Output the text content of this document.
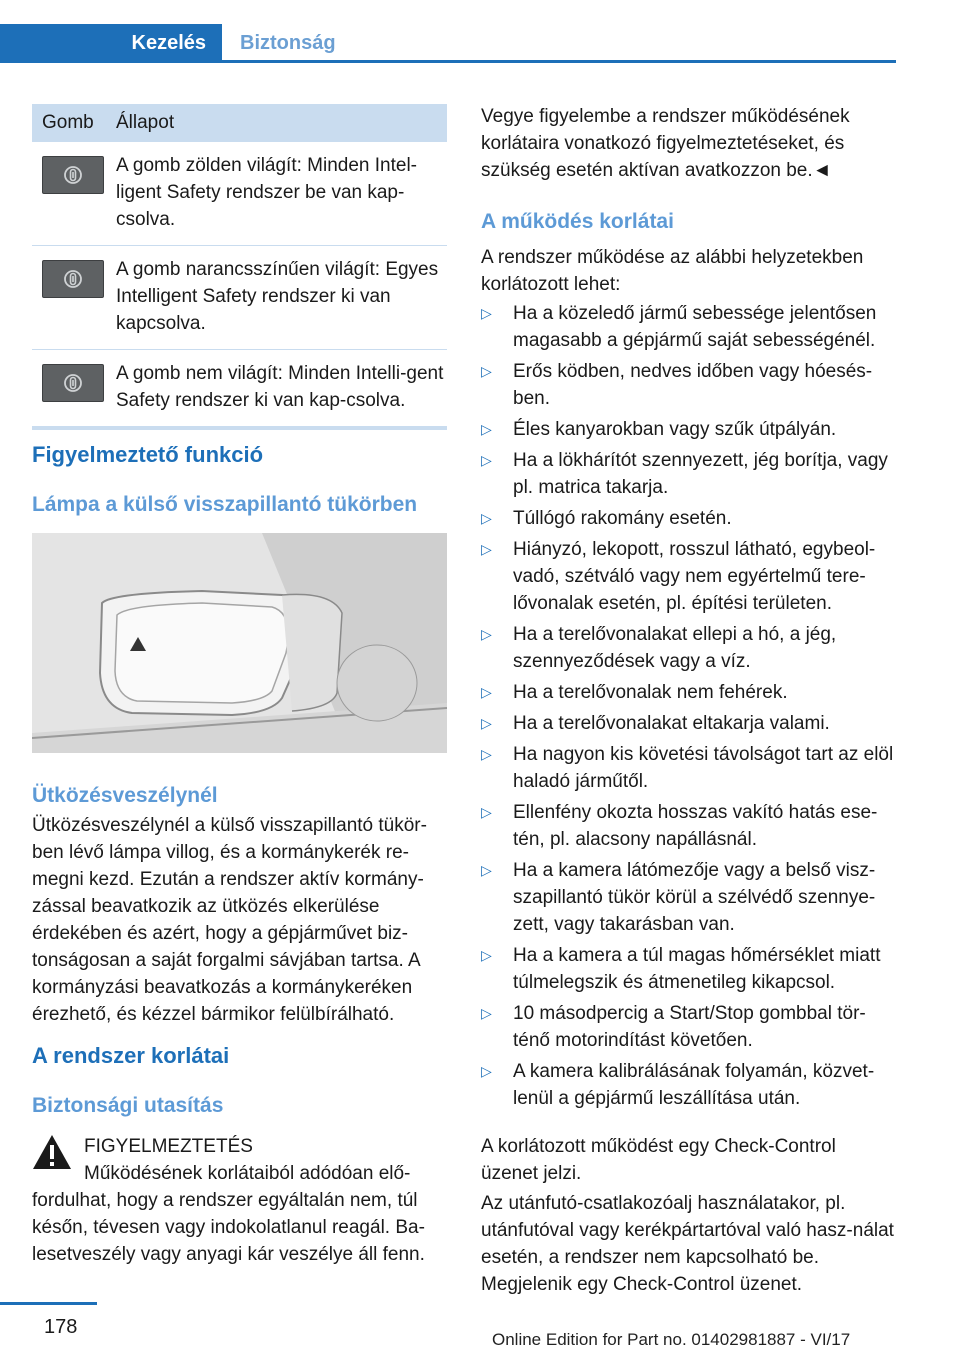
Kezelés	Biztonság
Gomb	Állapot
A gomb zölden világít: Minden Intel-ligent Safety rendszer be van kap-csolva.
A gomb narancsszínűen világít: Egyes Intelligent Safety rendszer ki van kapcsolva.
A gomb nem világít: Minden Intelli-gent Safety rendszer ki van kap-csolva.
Figyelmeztető funkció
Lámpa a külső visszapillantó tükörben
Ütközésveszélynél
Ütközésveszélynél a külső visszapillantó tükör-ben lévő lámpa villog, és a kormánykerék re-megni kezd. Ezután a rendszer aktív kormány-zással beavatkozik az ütközés elkerülése érdekében és azért, hogy a gépjárművet biz-tonságosan a saját forgalmi sávjában tartsa. A kormányzási beavatkozás a kormánykeréken érezhető, és kézzel bármikor felülbírálható.
A rendszer korlátai
Biztonsági utasítás
FIGYELMEZTETÉS
Működésének korlátaiból adódóan elő-fordulhat, hogy a rendszer egyáltalán nem, túl későn, tévesen vagy indokolatlanul reagál. Ba-lesetveszély vagy anyagi kár veszélye áll fenn.
Vegye figyelembe a rendszer működésének korlátaira vonatkozó figyelmeztetéseket, és szükség esetén aktívan avatkozzon be.◄
A működés korlátai
A rendszer működése az alábbi helyzetekben korlátozott lehet:
▷ Ha a közeledő jármű sebessége jelentősen magasabb a gépjármű saját sebességénél.
▷ Erős ködben, nedves időben vagy hóesés-ben.
▷ Éles kanyarokban vagy szűk útpályán.
▷ Ha a lökhárítót szennyezett, jég borítja, vagy pl. matrica takarja.
▷ Túllógó rakomány esetén.
▷ Hiányzó, lekopott, rosszul látható, egybeol-vadó, szétváló vagy nem egyértelmű tere-lővonalak esetén, pl. építési területen.
▷ Ha a terelővonalakat ellepi a hó, a jég, szennyeződések vagy a víz.
▷ Ha a terelővonalak nem fehérek.
▷ Ha a terelővonalakat eltakarja valami.
▷ Ha nagyon kis követési távolságot tart az elöl haladó járműtől.
▷ Ellenfény okozta hosszas vakító hatás ese-tén, pl. alacsony napállásnál.
▷ Ha a kamera látómezője vagy a belső visz-szapillantó tükör körül a szélvédő szennye-zett, vagy takarásban van.
▷ Ha a kamera a túl magas hőmérséklet miatt túlmelegszik és átmenetileg kikapcsol.
▷ 10 másodpercig a Start/Stop gombbal tör-ténő motorindítást követően.
▷ A kamera kalibrálásának folyamán, közvet-lenül a gépjármű leszállítása után.
A korlátozott működést egy Check-Control üzenet jelzi.
Az utánfutó-csatlakozóalj használatakor, pl. utánfutóval vagy kerékpártartóval való hasz-nálat esetén, a rendszer nem kapcsolható be. Megjelenik egy Check-Control üzenet.
178
Online Edition for Part no. 01402981887 - VI/17
